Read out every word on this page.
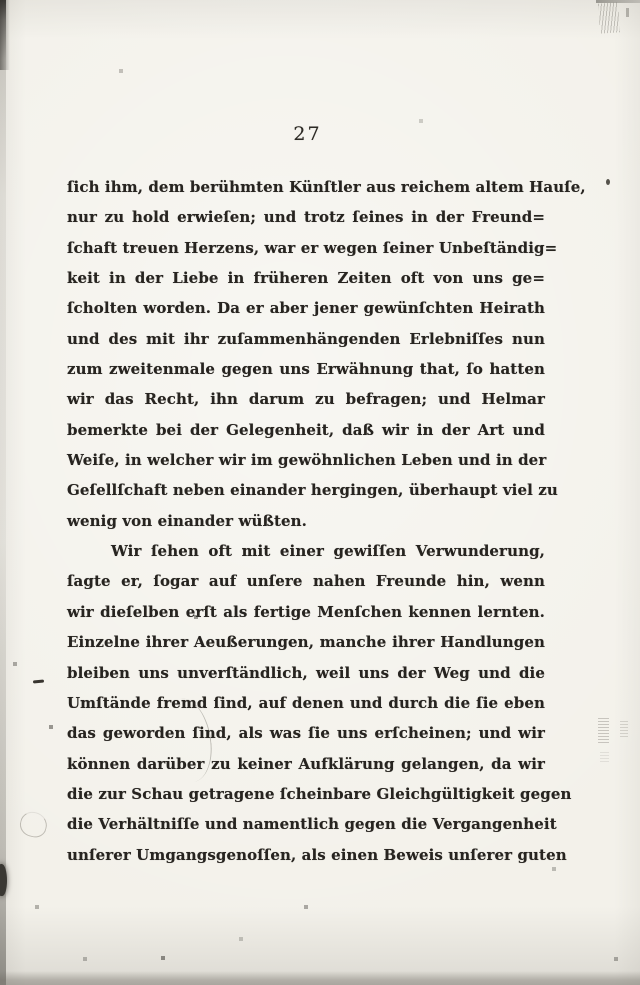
27
ſich ihm, dem berühmten Künſtler aus reichem altem Hauſe,
nur zu hold erwieſen; und trotz ſeines in der Freund=
ſchaft treuen Herzens, war er wegen ſeiner Unbeſtändig=
keit in der Liebe in früheren Zeiten oft von uns ge=
ſcholten worden. Da er aber jener gewünſchten Heirath
und des mit ihr zuſammenhängenden Erlebniſſes nun
zum zweitenmale gegen uns Erwähnung that, ſo hatten
wir das Recht, ihn darum zu befragen; und Helmar
bemerkte bei der Gelegenheit, daß wir in der Art und
Weiſe, in welcher wir im gewöhnlichen Leben und in der
Geſellſchaft neben einander hergingen, überhaupt viel zu
wenig von einander wüßten.
Wir ſehen oft mit einer gewiſſen Verwunderung,
ſagte er, ſogar auf unſere nahen Freunde hin, wenn
wir dieſelben erſt als fertige Menſchen kennen lernten.
Einzelne ihrer Aeußerungen, manche ihrer Handlungen
bleiben uns unverſtändlich, weil uns der Weg und die
Umſtände fremd ſind, auf denen und durch die ſie eben
das geworden ſind, als was ſie uns erſcheinen; und wir
können darüber zu keiner Aufklärung gelangen, da wir
die zur Schau getragene ſcheinbare Gleichgültigkeit gegen
die Verhältniſſe und namentlich gegen die Vergangenheit
unſerer Umgangsgenoſſen, als einen Beweis unſerer guten
